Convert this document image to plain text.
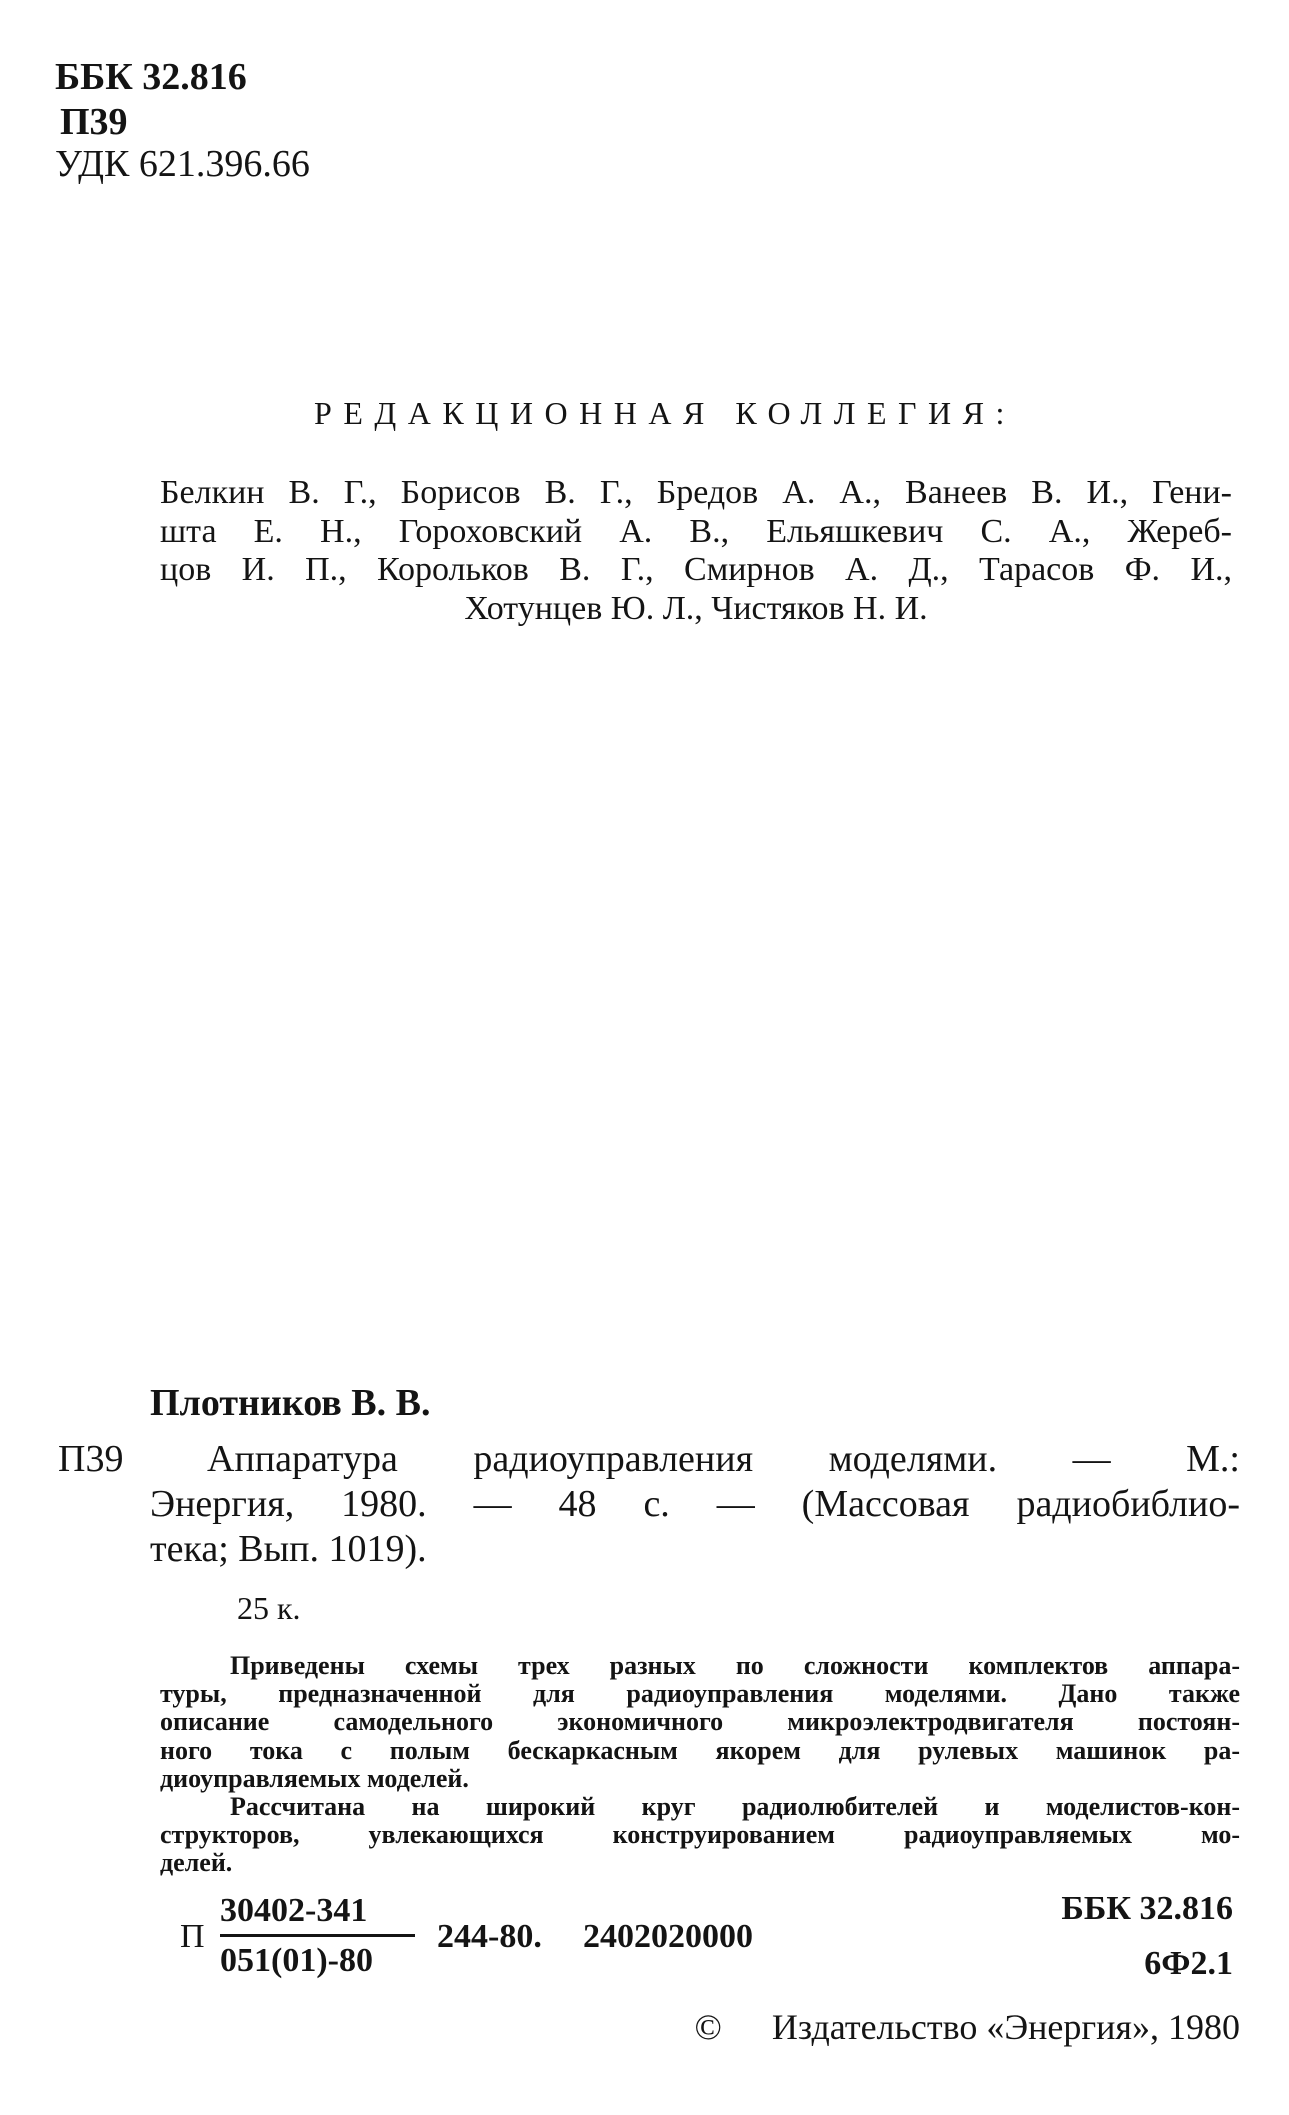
ББК 32.816
П39
УДК 621.396.66
РЕДАКЦИОННАЯ КОЛЛЕГИЯ:
Белкин В. Г., Борисов В. Г., Бредов А. А., Ванеев В. И., Гени-
шта Е. Н., Гороховский А. В., Ельяшкевич С. А., Жереб-
цов И. П., Корольков В. Г., Смирнов А. Д., Тарасов Ф. И.,
Хотунцев Ю. Л., Чистяков Н. И.
Плотников В. В.
П39	Аппаратура радиоуправления моделями. — М.:
Энергия, 1980. — 48 с. — (Массовая радиобиблио-
тека; Вып. 1019).
25 к.
Приведены схемы трех разных по сложности комплектов аппара-
туры, предназначенной для радиоуправления моделями. Дано также
описание самодельного экономичного микроэлектродвигателя постоян-
ного тока с полым бескаркасным якорем для рулевых машинок ра-
диоуправляемых моделей.
Рассчитана на широкий круг радиолюбителей и моделистов-кон-
структоров, увлекающихся конструированием радиоуправляемых мо-
делей.
П
30402-341
051(01)-80
244-80. 2402020000
ББК 32.816
6Ф2.1
© Издательство «Энергия», 1980
